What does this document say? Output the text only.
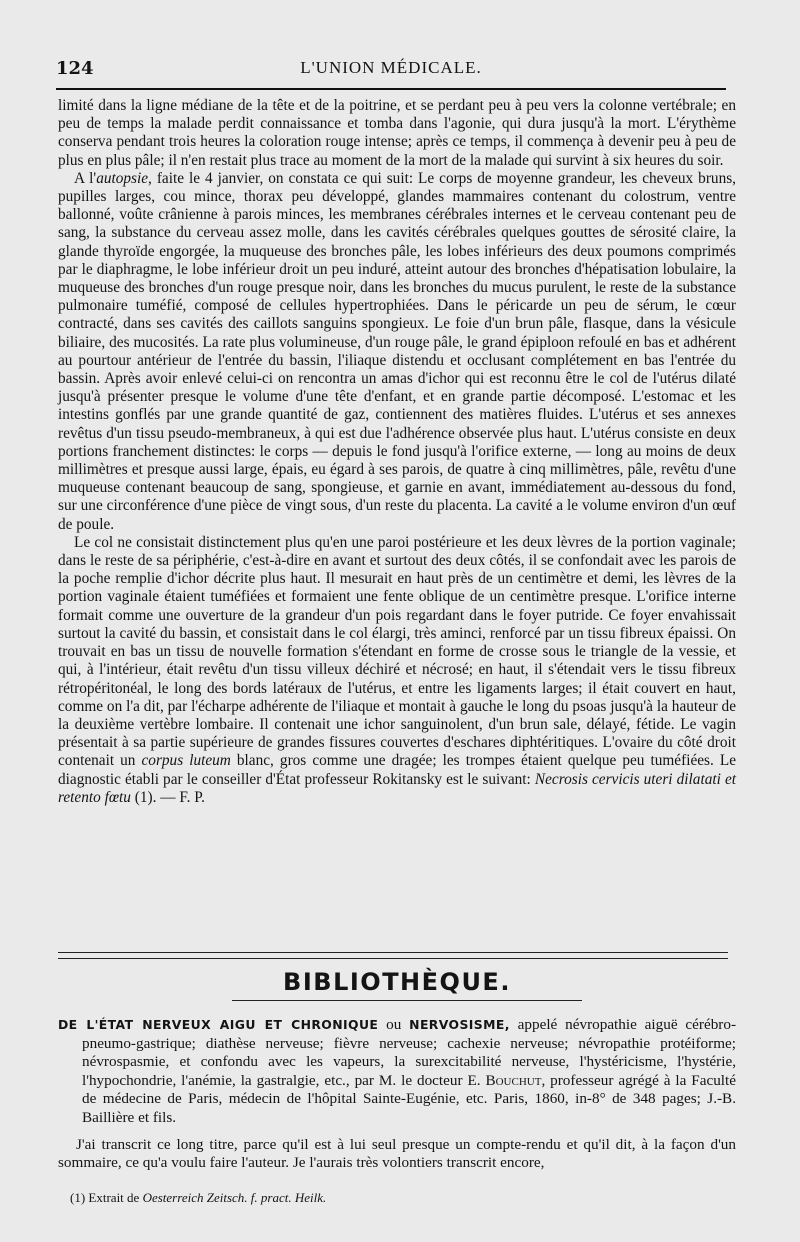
124	L'UNION MÉDICALE.

limité dans la ligne médiane de la tête et de la poitrine, et se perdant peu à peu vers la colonne vertébrale; en peu de temps la malade perdit connaissance et tomba dans l'agonie, qui dura jusqu'à la mort. L'érythème conserva pendant trois heures la coloration rouge intense; après ce temps, il commença à devenir peu à peu de plus en plus pâle; il n'en restait plus trace au moment de la mort de la malade qui survint à six heures du soir.

A l'autopsie, faite le 4 janvier, on constata ce qui suit: Le corps de moyenne grandeur, les cheveux bruns, pupilles larges, cou mince, thorax peu développé, glandes mammaires contenant du colostrum, ventre ballonné, voûte crânienne à parois minces, les membranes cérébrales internes et le cerveau contenant peu de sang, la substance du cerveau assez molle, dans les cavités cérébrales quelques gouttes de sérosité claire, la glande thyroïde engorgée, la muqueuse des bronches pâle, les lobes inférieurs des deux poumons comprimés par le diaphragme, le lobe inférieur droit un peu induré, atteint autour des bronches d'hépatisation lobulaire, la muqueuse des bronches d'un rouge presque noir, dans les bronches du mucus purulent, le reste de la substance pulmonaire tuméfié, composé de cellules hypertrophiées. Dans le péricarde un peu de sérum, le cœur contracté, dans ses cavités des caillots sanguins spongieux. Le foie d'un brun pâle, flasque, dans la vésicule biliaire, des mucosités. La rate plus volumineuse, d'un rouge pâle, le grand épiploon refoulé en bas et adhérent au pourtour antérieur de l'entrée du bassin, l'iliaque distendu et occlusant complétement en bas l'entrée du bassin. Après avoir enlevé celui-ci on rencontra un amas d'ichor qui est reconnu être le col de l'utérus dilaté jusqu'à présenter presque le volume d'une tête d'enfant, et en grande partie décomposé. L'estomac et les intestins gonflés par une grande quantité de gaz, contiennent des matières fluides. L'utérus et ses annexes revêtus d'un tissu pseudo-membraneux, à qui est due l'adhérence observée plus haut. L'utérus consiste en deux portions franchement distinctes: le corps — depuis le fond jusqu'à l'orifice externe, — long au moins de deux millimètres et presque aussi large, épais, eu égard à ses parois, de quatre à cinq millimètres, pâle, revêtu d'une muqueuse contenant beaucoup de sang, spongieuse, et garnie en avant, immédiatement au-dessous du fond, sur une circonférence d'une pièce de vingt sous, d'un reste du placenta. La cavité a le volume environ d'un œuf de poule.

Le col ne consistait distinctement plus qu'en une paroi postérieure et les deux lèvres de la portion vaginale; dans le reste de sa périphérie, c'est-à-dire en avant et surtout des deux côtés, il se confondait avec les parois de la poche remplie d'ichor décrite plus haut. Il mesurait en haut près de un centimètre et demi, les lèvres de la portion vaginale étaient tuméfiées et formaient une fente oblique de un centimètre presque. L'orifice interne formait comme une ouverture de la grandeur d'un pois regardant dans le foyer putride. Ce foyer envahissait surtout la cavité du bassin, et consistait dans le col élargi, très aminci, renforcé par un tissu fibreux épaissi. On trouvait en bas un tissu de nouvelle formation s'étendant en forme de crosse sous le triangle de la vessie, et qui, à l'intérieur, était revêtu d'un tissu villeux déchiré et nécrosé; en haut, il s'étendait vers le tissu fibreux rétropéritonéal, le long des bords latéraux de l'utérus, et entre les ligaments larges; il était couvert en haut, comme on l'a dit, par l'écharpe adhérente de l'iliaque et montait à gauche le long du psoas jusqu'à la hauteur de la deuxième vertèbre lombaire. Il contenait une ichor sanguinolent, d'un brun sale, délayé, fétide. Le vagin présentait à sa partie supérieure de grandes fissures couvertes d'eschares diphtéritiques. L'ovaire du côté droit contenait un corpus luteum blanc, gros comme une dragée; les trompes étaient quelque peu tuméfiées. Le diagnostic établi par le conseiller d'État professeur Rokitansky est le suivant: Necrosis cervicis uteri dilatati et retento fœtu (1). — F. P.

BIBLIOTHÈQUE.

DE L'ÉTAT NERVEUX AIGU ET CHRONIQUE ou NERVOSISME, appelé névropathie aiguë cérébro-pneumo-gastrique; diathèse nerveuse; fièvre nerveuse; cachexie nerveuse; névropathie protéiforme; névrospasmie, et confondu avec les vapeurs, la surexcitabilité nerveuse, l'hystéricisme, l'hystérie, l'hypochondrie, l'anémie, la gastralgie, etc., par M. le docteur E. Bouchut, professeur agrégé à la Faculté de médecine de Paris, médecin de l'hôpital Sainte-Eugénie, etc. Paris, 1860, in-8° de 348 pages; J.-B. Baillière et fils.

J'ai transcrit ce long titre, parce qu'il est à lui seul presque un compte-rendu et qu'il dit, à la façon d'un sommaire, ce qu'a voulu faire l'auteur. Je l'aurais très volontiers transcrit encore,

(1) Extrait de Oesterreich Zeitsch. f. pract. Heilk.
